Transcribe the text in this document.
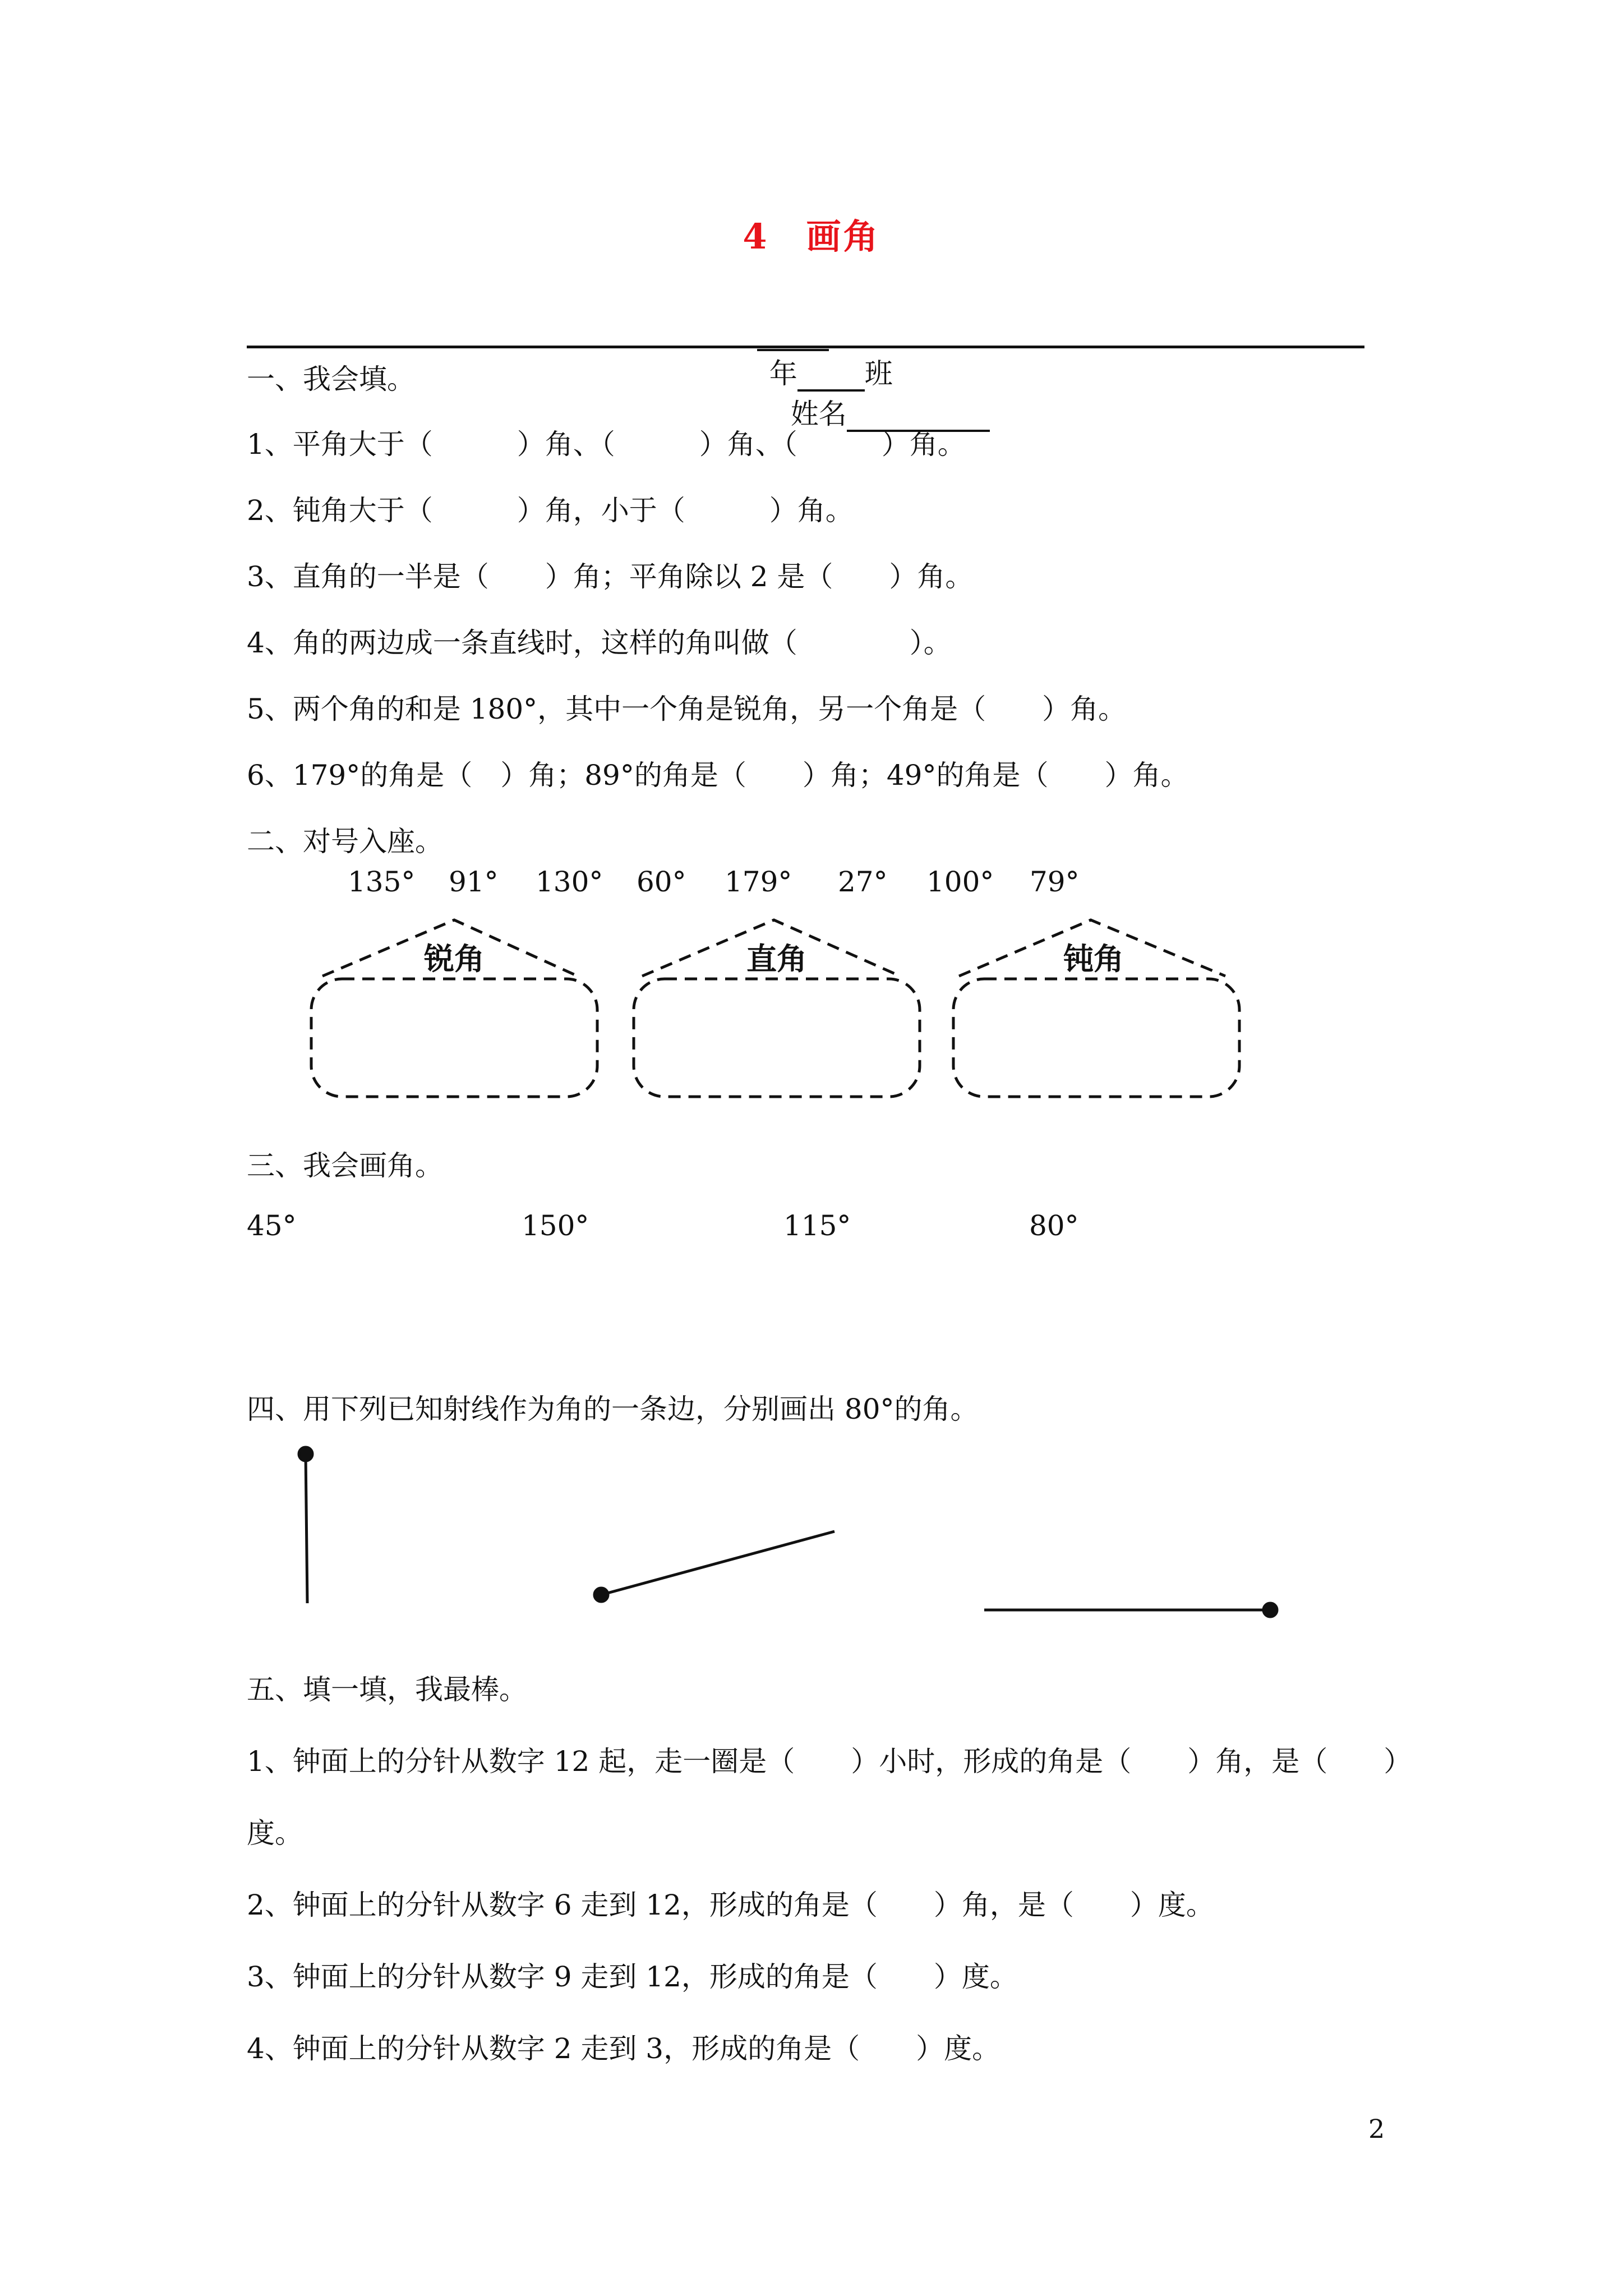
4　画角

年 班
姓名

一、我会填。
1、平角大于（　　　）角、（　　　）角、（　　　）角。
2、钝角大于（　　　）角，小于（　　　）角。
3、直角的一半是（　　）角；平角除以 2 是（　　）角。
4、角的两边成一条直线时，这样的角叫做（　　　　）。
5、两个角的和是 180°，其中一个角是锐角，另一个角是（　　）角。
6、179°的角是（　）角；89°的角是（　　）角；49°的角是（　　）角。
二、对号入座。
135° 91° 130° 60° 179° 27° 100° 79°
锐角	直角	钝角
三、我会画角。
45°	150°	115°	80°
四、用下列已知射线作为角的一条边，分别画出 80°的角。
五、填一填，我最棒。
1、钟面上的分针从数字 12 起，走一圈是（　　）小时，形成的角是（　　）角，是（　　）
度。
2、钟面上的分针从数字 6 走到 12，形成的角是（　　）角，是（　　）度。
3、钟面上的分针从数字 9 走到 12，形成的角是（　　）度。
4、钟面上的分针从数字 2 走到 3，形成的角是（　　）度。
2
